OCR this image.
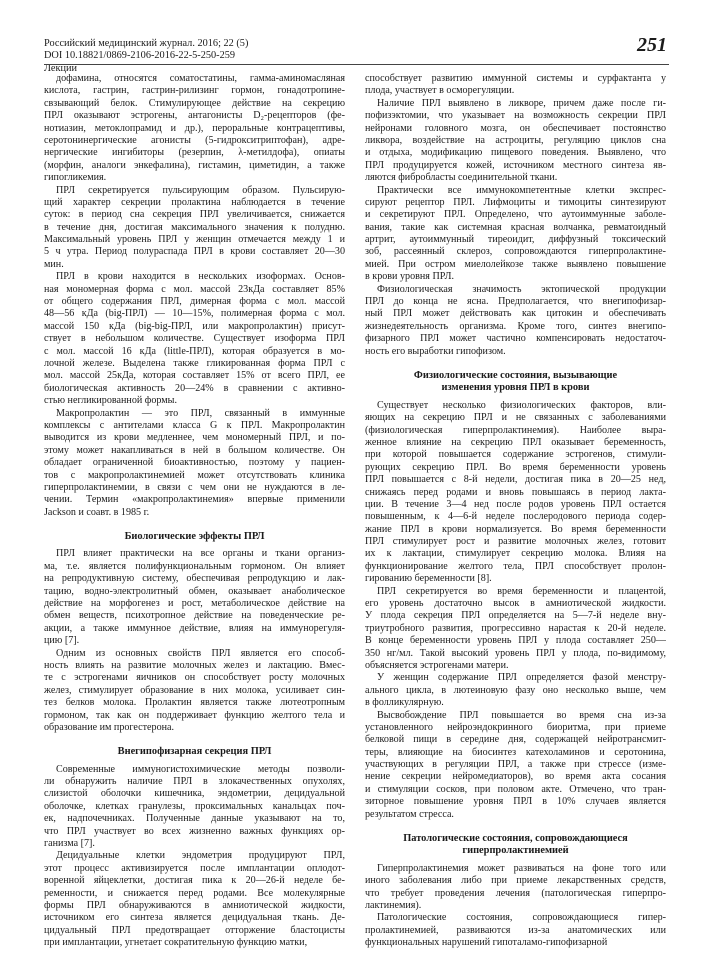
Российский медицинский журнал. 2016; 22 (5)
DOI 10.18821/0869-2106-2016-22-5-250-259
Лекции
251
дофамина, относятся соматостатины, гамма-аминомасляная
кислота, гастрин, гастрин-рилизинг гормон, гонадотропине-
свзывающий белок. Стимулирующее действие на секрецию
ПРЛ оказывают эстрогены, антагонисты D₂-рецепторов (фе-
нотиазин, метоклопрамид и др.), пероральные контрацептивы,
серотонинергические агонисты (5-гидрокситриптофан), адре-
нергические ингибиторы (резерпин, λ-метилдофа), опиаты
(морфин, аналоги энкефалина), гистамин, циметидин, а также
гипогликемия.
ПРЛ секретируется пульсирующим образом. Пульсирую-
щий характер секреции пролактина наблюдается в течение
суток: в период сна секреция ПРЛ увеличивается, снижается
в течение дня, достигая максимального значения к полудню.
Максимальный уровень ПРЛ у женщин отмечается между 1 и
5 ч утра. Период полураспада ПРЛ в крови составляет 20—30
мин.
ПРЛ в крови находится в нескольких изоформах. Основ-
ная мономерная форма с мол. массой 23кДа составляет 85%
от общего содержания ПРЛ, димерная форма с мол. массой
48—56 кДа (big-ПРЛ) — 10—15%, полимерная форма с мол.
массой 150 кДа (big-big-ПРЛ, или макропролактин) присут-
ствует в небольшом количестве. Существует изоформа ПРЛ
с мол. массой 16 кДа (little-ПРЛ), которая образуется в мо-
лочной железе. Выделена также гликированная форма ПРЛ с
мол. массой 25кДа, которая составляет 15% от всего ПРЛ, ее
биологическая активность 20—24% в сравнении с активно-
стью негликированной формы.
Макропролактин — это ПРЛ, связанный в иммунные
комплексы с антителами класса G к ПРЛ. Макропролактин
выводится из крови медленнее, чем мономерный ПРЛ, и по-
этому может накапливаться в ней в большом количестве. Он
обладает ограниченной биоактивностью, поэтому у пациен-
тов с макропролактинемией может отсутствовать клиника
гиперпролактинемии, в связи с чем они не нуждаются в ле-
чении. Термин «макропролактинемия» впервые применили
Jackson и соавт. в 1985 г.
Биологические эффекты ПРЛ
ПРЛ влияет практически на все органы и ткани организ-
ма, т.е. является полифункциональным гормоном. Он влияет
на репродуктивную систему, обеспечивая репродукцию и лак-
тацию, водно-электролитный обмен, оказывает анаболическое
действие на морфогенез и рост, метаболическое действие на
обмен веществ, психотропное действие на поведенческие ре-
акции, а также иммунное действие, влияя на иммунорегуля-
цию [7].
Одним из основных свойств ПРЛ является его способ-
ность влиять на развитие молочных желез и лактацию. Вмес-
те с эстрогенами яичников он способствует росту молочных
желез, стимулирует образование в них молока, усиливает син-
тез белков молока. Пролактин является также лютеотропным
гормоном, так как он поддерживает функцию желтого тела и
образование им прогестерона.
Внегипофизарная секреция ПРЛ
Современные иммуногистохимические методы позволи-
ли обнаружить наличие ПРЛ в злокачественных опухолях,
слизистой оболочки кишечника, эндометрии, децидуальной
оболочке, клетках гранулезы, проксимальных канальцах поч-
ек, надпочечниках. Полученные данные указывают на то,
что ПРЛ участвует во всех жизненно важных функциях ор-
ганизма [7].
Децидуальные клетки эндометрия продуцируют ПРЛ,
этот процесс активизируется после имплантации оплодот-
воренной яйцеклетки, достигая пика к 20—26-й неделе бе-
ременности, и снижается перед родами. Все молекулярные
формы ПРЛ обнаруживаются в амниотической жидкости,
источником его синтеза является децидуальная ткань. Де-
цидуальный ПРЛ предотвращает отторжение бластоцисты
при имплантации, угнетает сократительную функцию матки,
способствует развитию иммунной системы и сурфактанта у
плода, участвует в осморегуляции.
Наличие ПРЛ выявлено в ликворе, причем даже после ги-
пофизэктомии, что указывает на возможность секреции ПРЛ
нейронами головного мозга, он обеспечивает постоянство
ликвора, воздействие на астроциты, регуляцию циклов сна
и отдыха, модификацию пищевого поведения. Выявлено, что
ПРЛ продуцируется кожей, источником местного синтеза яв-
ляются фибробласты соединительной ткани.
Практически все иммунокомпетентные клетки экспрес-
сируют рецептор ПРЛ. Лифмоциты и тимоциты синтезируют
и секретируют ПРЛ. Определено, что аутоиммунные заболе-
вания, такие как системная красная волчанка, ревматоидный
артрит, аутоиммунный тиреоидит, диффузный токсический
зоб, рассеянный склероз, сопровождаются гиперпролактине-
мией. При остром миелолейкозе также выявлено повышение
в крови уровня ПРЛ.
Физиологическая значимость эктопической продукции
ПРЛ до конца не ясна. Предполагается, что внегипофизар-
ный ПРЛ может действовать как цитокин и обеспечивать
жизнедеятельность организма. Кроме того, синтез внегипо-
физарного ПРЛ может частично компенсировать недостаточ-
ность его выработки гипофизом.
Физиологические состояния, вызывающие
изменения уровня ПРЛ в крови
Существует несколько физиологических факторов, вли-
яющих на секрецию ПРЛ и не связанных с заболеваниями
(физиологическая гиперпролактинемия). Наиболее выра-
женное влияние на секрецию ПРЛ оказывает беременность,
при которой повышается содержание эстрогенов, стимули-
рующих секрецию ПРЛ. Во время беременности уровень
ПРЛ повышается с 8-й недели, достигая пика в 20—25 нед,
снижаясь перед родами и вновь повышаясь в период лакта-
ции. В течение 3—4 нед после родов уровень ПРЛ остается
повышенным, к 4—6-й неделе послеродового периода содер-
жание ПРЛ в крови нормализуется. Во время беременности
ПРЛ стимулирует рост и развитие молочных желез, готовит
их к лактации, стимулирует секрецию молока. Влияя на
функционирование желтого тела, ПРЛ способствует пролон-
гированию беременности [8].
ПРЛ секретируется во время беременности и плацентой,
его уровень достаточно высок в амниотической жидкости.
У плода секреция ПРЛ определяется на 5—7-й неделе вну-
триутробного развития, прогрессивно нарастая к 20-й неделе.
В конце беременности уровень ПРЛ у плода составляет 250—
350 нг/мл. Такой высокий уровень ПРЛ у плода, по-видимому,
объясняется эстрогенами матери.
У женщин содержание ПРЛ определяется фазой менстру-
ального цикла, в лютеиновую фазу оно несколько выше, чем
в фолликулярную.
Высвобождение ПРЛ повышается во время сна из-за
установленного нейроэндокринного биоритма, при приеме
белковой пищи в середине дня, содержащей нейротрансмит-
теры, влияющие на биосинтез катехоламинов и серотонина,
участвующих в регуляции ПРЛ, а также при стрессе (изме-
нение секреции нейромедиаторов), во время акта сосания
и стимуляции сосков, при половом акте. Отмечено, что тран-
зиторное повышение уровня ПРЛ в 10% случаев является
результатом стресса.
Патологические состояния, сопровождающиеся
гиперпролактинемией
Гиперпролактинемия может развиваться на фоне того или
иного заболевания либо при приеме лекарственных средств,
что требует проведения лечения (патологическая гиперпро-
лактинемия).
Патологические состояния, сопровождающиеся гипер-
пролактинемией, развиваются из-за анатомических или
функциональных нарушений гипоталамо-гипофизарной
